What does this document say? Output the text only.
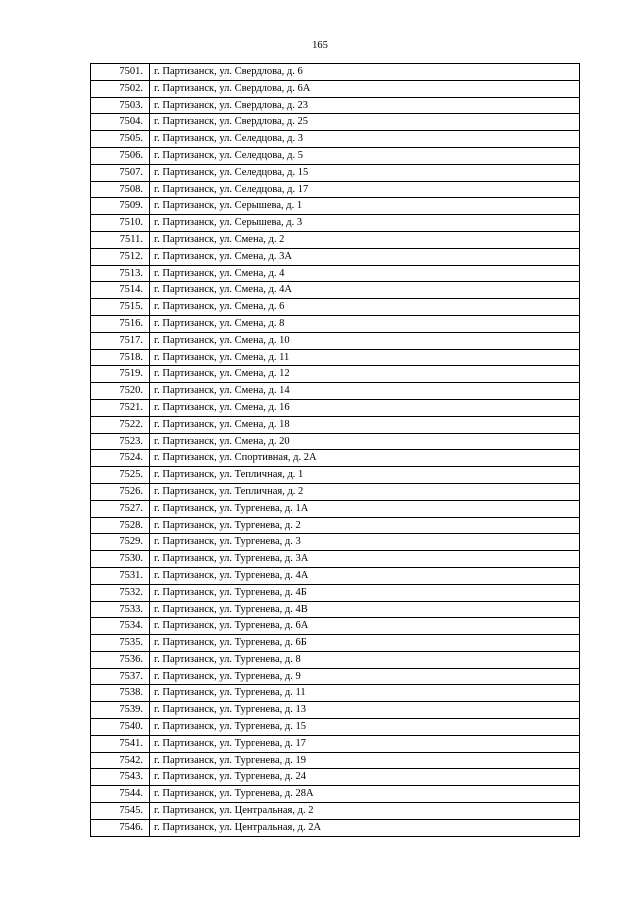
165
7501.	г. Партизанск, ул. Свердлова, д. 6
7502.	г. Партизанск, ул. Свердлова, д. 6А
7503.	г. Партизанск, ул. Свердлова, д. 23
7504.	г. Партизанск, ул. Свердлова, д. 25
7505.	г. Партизанск, ул. Селедцова, д. 3
7506.	г. Партизанск, ул. Селедцова, д. 5
7507.	г. Партизанск, ул. Селедцова, д. 15
7508.	г. Партизанск, ул. Селедцова, д. 17
7509.	г. Партизанск, ул. Серышева, д. 1
7510.	г. Партизанск, ул. Серышева, д. 3
7511.	г. Партизанск, ул. Смена, д. 2
7512.	г. Партизанск, ул. Смена, д. 3А
7513.	г. Партизанск, ул. Смена, д. 4
7514.	г. Партизанск, ул. Смена, д. 4А
7515.	г. Партизанск, ул. Смена, д. 6
7516.	г. Партизанск, ул. Смена, д. 8
7517.	г. Партизанск, ул. Смена, д. 10
7518.	г. Партизанск, ул. Смена, д. 11
7519.	г. Партизанск, ул. Смена, д. 12
7520.	г. Партизанск, ул. Смена, д. 14
7521.	г. Партизанск, ул. Смена, д. 16
7522.	г. Партизанск, ул. Смена, д. 18
7523.	г. Партизанск, ул. Смена, д. 20
7524.	г. Партизанск, ул. Спортивная, д. 2А
7525.	г. Партизанск, ул. Тепличная, д. 1
7526.	г. Партизанск, ул. Тепличная, д. 2
7527.	г. Партизанск, ул. Тургенева, д. 1А
7528.	г. Партизанск, ул. Тургенева, д. 2
7529.	г. Партизанск, ул. Тургенева, д. 3
7530.	г. Партизанск, ул. Тургенева, д. 3А
7531.	г. Партизанск, ул. Тургенева, д. 4А
7532.	г. Партизанск, ул. Тургенева, д. 4Б
7533.	г. Партизанск, ул. Тургенева, д. 4В
7534.	г. Партизанск, ул. Тургенева, д. 6А
7535.	г. Партизанск, ул. Тургенева, д. 6Б
7536.	г. Партизанск, ул. Тургенева, д. 8
7537.	г. Партизанск, ул. Тургенева, д. 9
7538.	г. Партизанск, ул. Тургенева, д. 11
7539.	г. Партизанск, ул. Тургенева, д. 13
7540.	г. Партизанск, ул. Тургенева, д. 15
7541.	г. Партизанск, ул. Тургенева, д. 17
7542.	г. Партизанск, ул. Тургенева, д. 19
7543.	г. Партизанск, ул. Тургенева, д. 24
7544.	г. Партизанск, ул. Тургенева, д. 28А
7545.	г. Партизанск, ул. Центральная, д. 2
7546.	г. Партизанск, ул. Центральная, д. 2А
